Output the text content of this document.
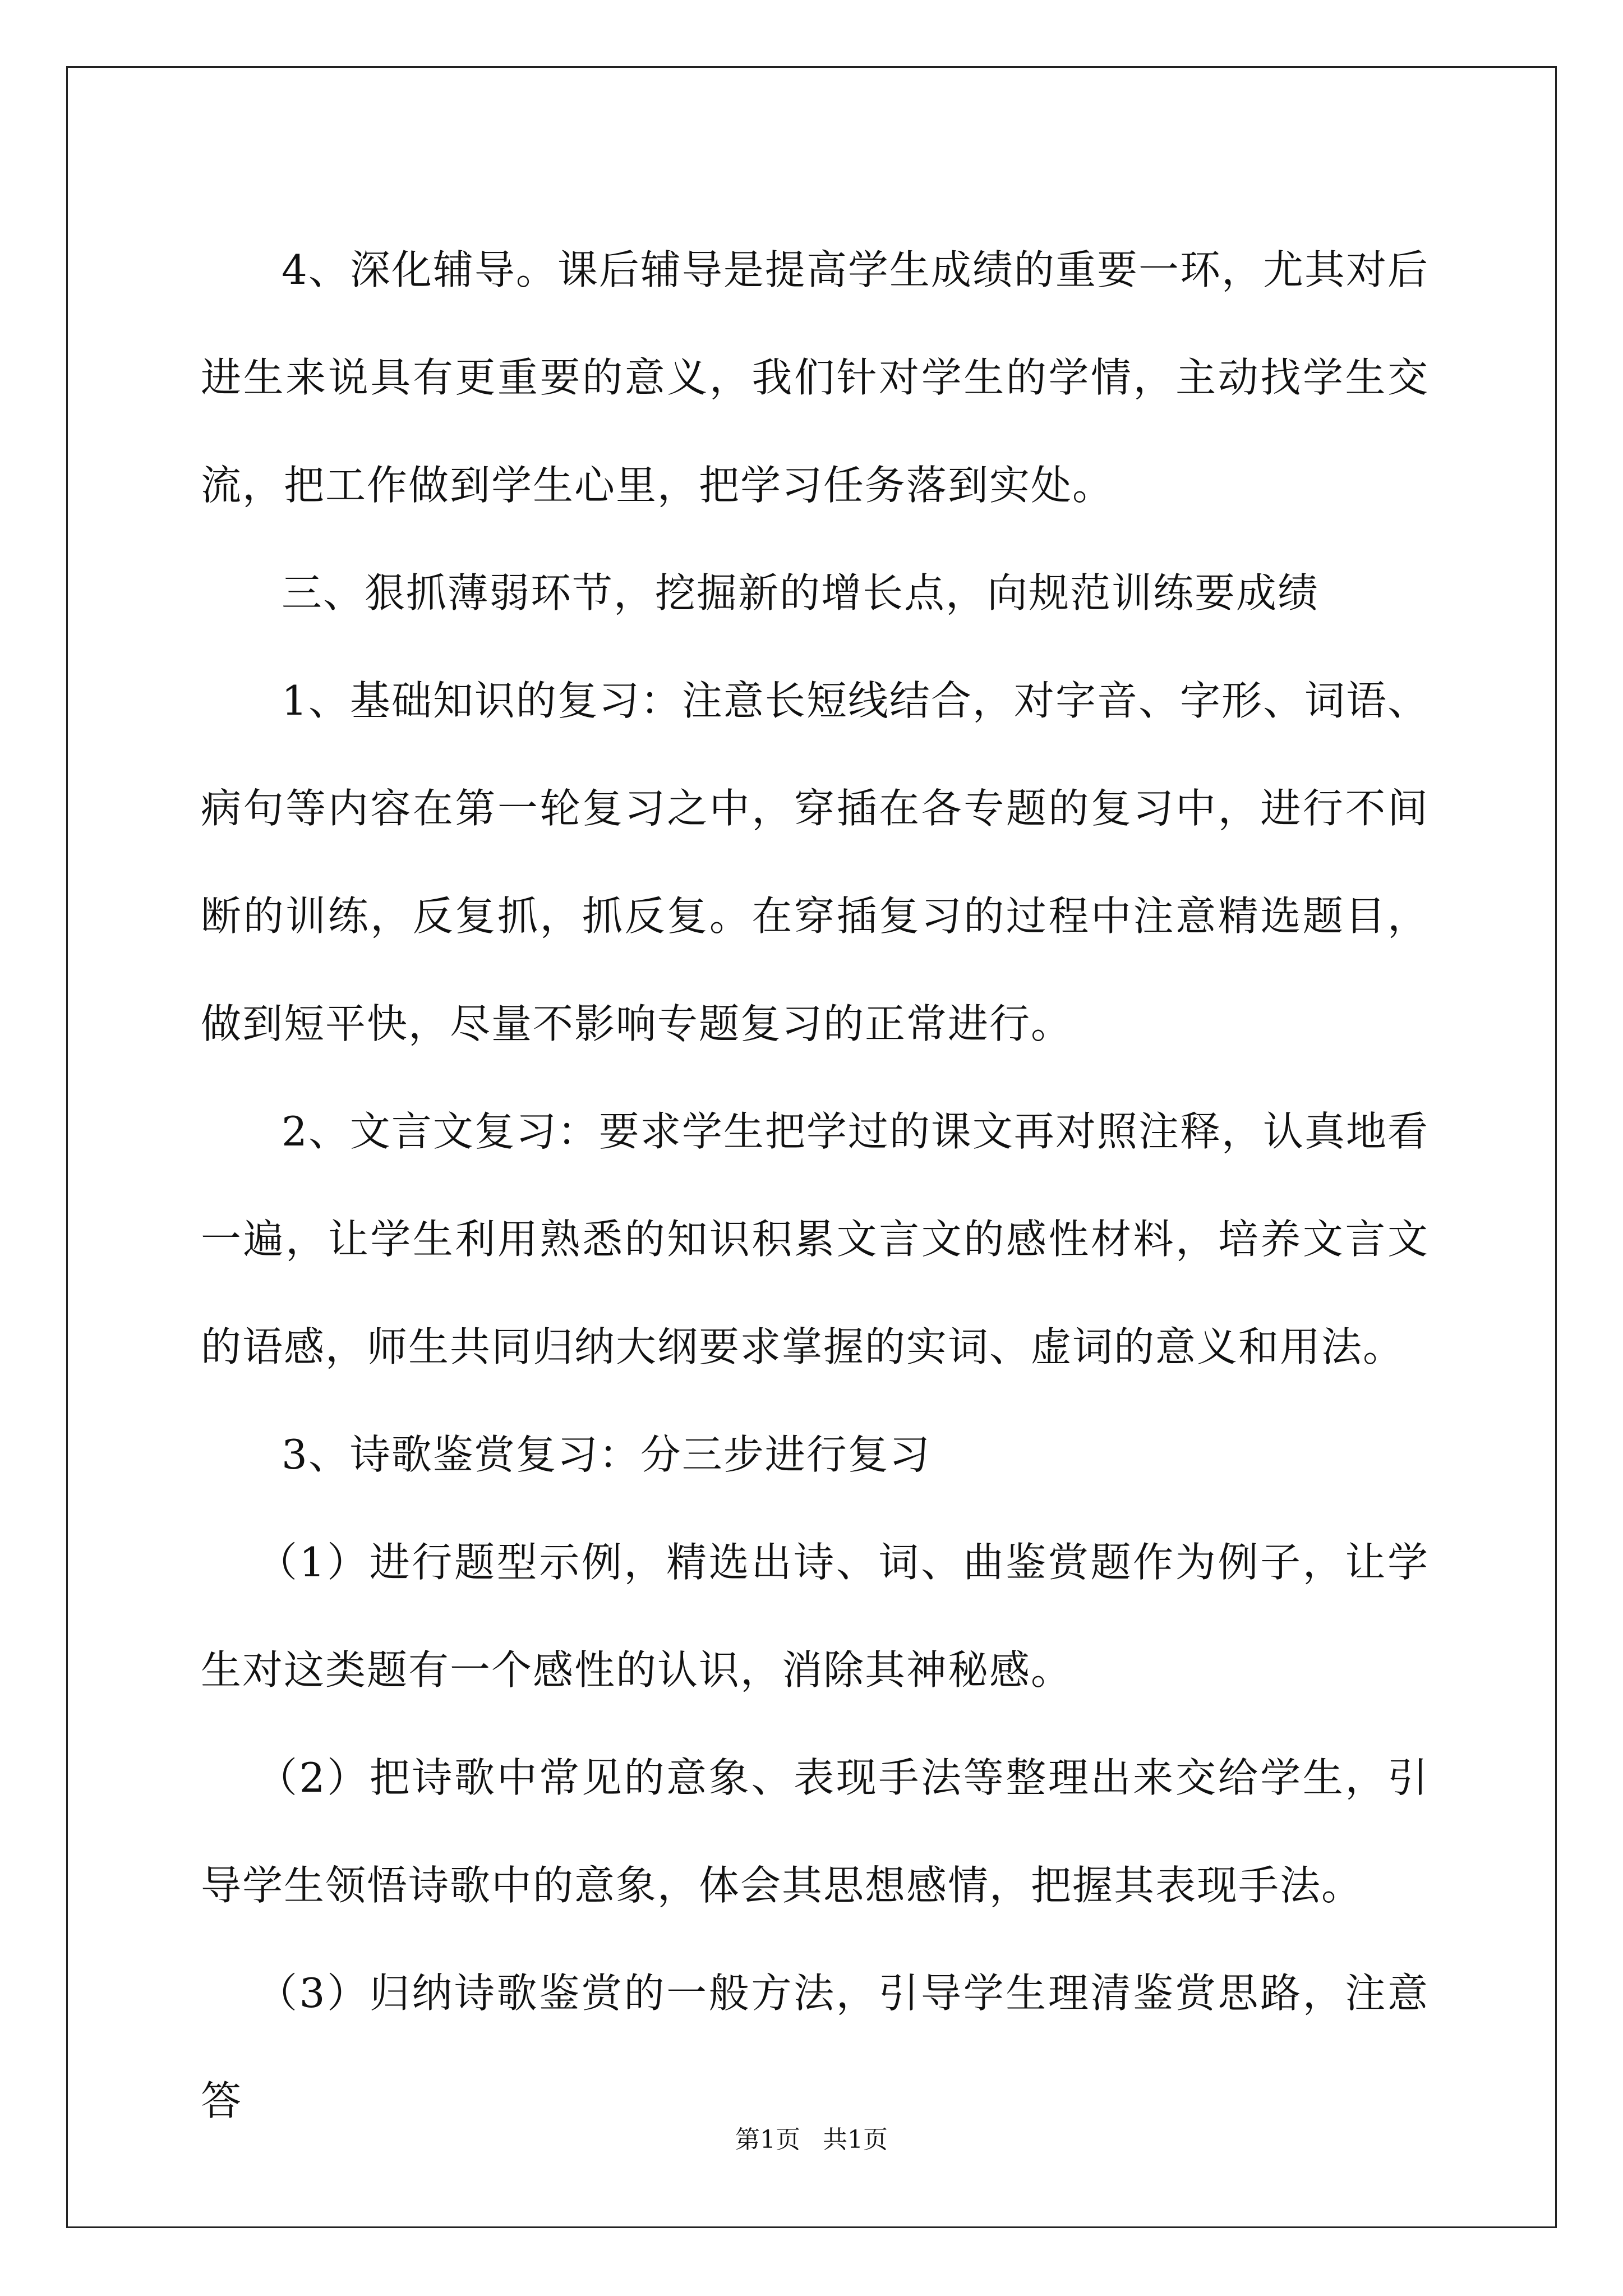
4、深化辅导。课后辅导是提高学生成绩的重要一环，尤其对后进生来说具有更重要的意义，我们针对学生的学情，主动找学生交流，把工作做到学生心里，把学习任务落到实处。

三、狠抓薄弱环节，挖掘新的增长点，向规范训练要成绩

1、基础知识的复习：注意长短线结合，对字音、字形、词语、病句等内容在第一轮复习之中，穿插在各专题的复习中，进行不间断的训练，反复抓，抓反复。在穿插复习的过程中注意精选题目，做到短平快，尽量不影响专题复习的正常进行。

2、文言文复习：要求学生把学过的课文再对照注释，认真地看一遍，让学生利用熟悉的知识积累文言文的感性材料，培养文言文的语感，师生共同归纳大纲要求掌握的实词、虚词的意义和用法。

3、诗歌鉴赏复习：分三步进行复习

（1）进行题型示例，精选出诗、词、曲鉴赏题作为例子，让学生对这类题有一个感性的认识，消除其神秘感。

（2）把诗歌中常见的意象、表现手法等整理出来交给学生，引导学生领悟诗歌中的意象，体会其思想感情，把握其表现手法。

（3）归纳诗歌鉴赏的一般方法，引导学生理清鉴赏思路，注意答

第1页 共1页
